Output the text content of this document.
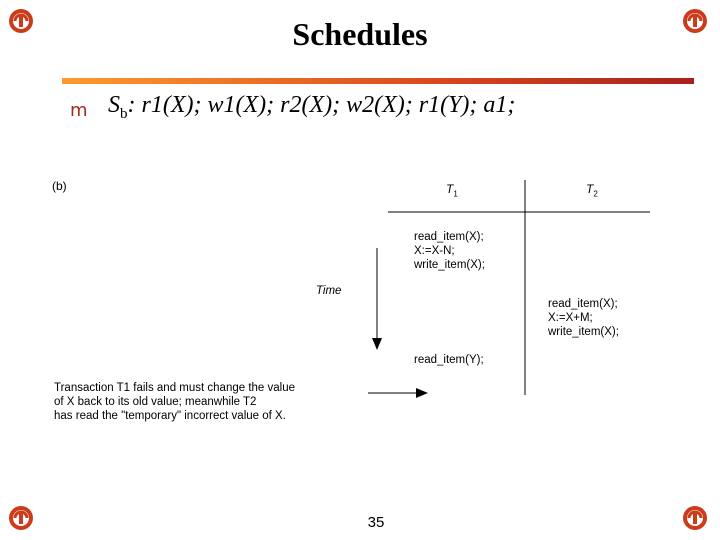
Schedules
m $S_b$: r1(X); w1(X); r2(X); w2(X); r1(Y); a1;
(b)	$T_1$	$T_2$
Time
read_item(X);
X:=X-N;
write_item(X);
read_item(X);
X:=X+M;
write_item(X);
read_item(Y);
Transaction T1 fails and must change the value
of X back to its old value; meanwhile T2
has read the "temporary" incorrect value of X.
35
